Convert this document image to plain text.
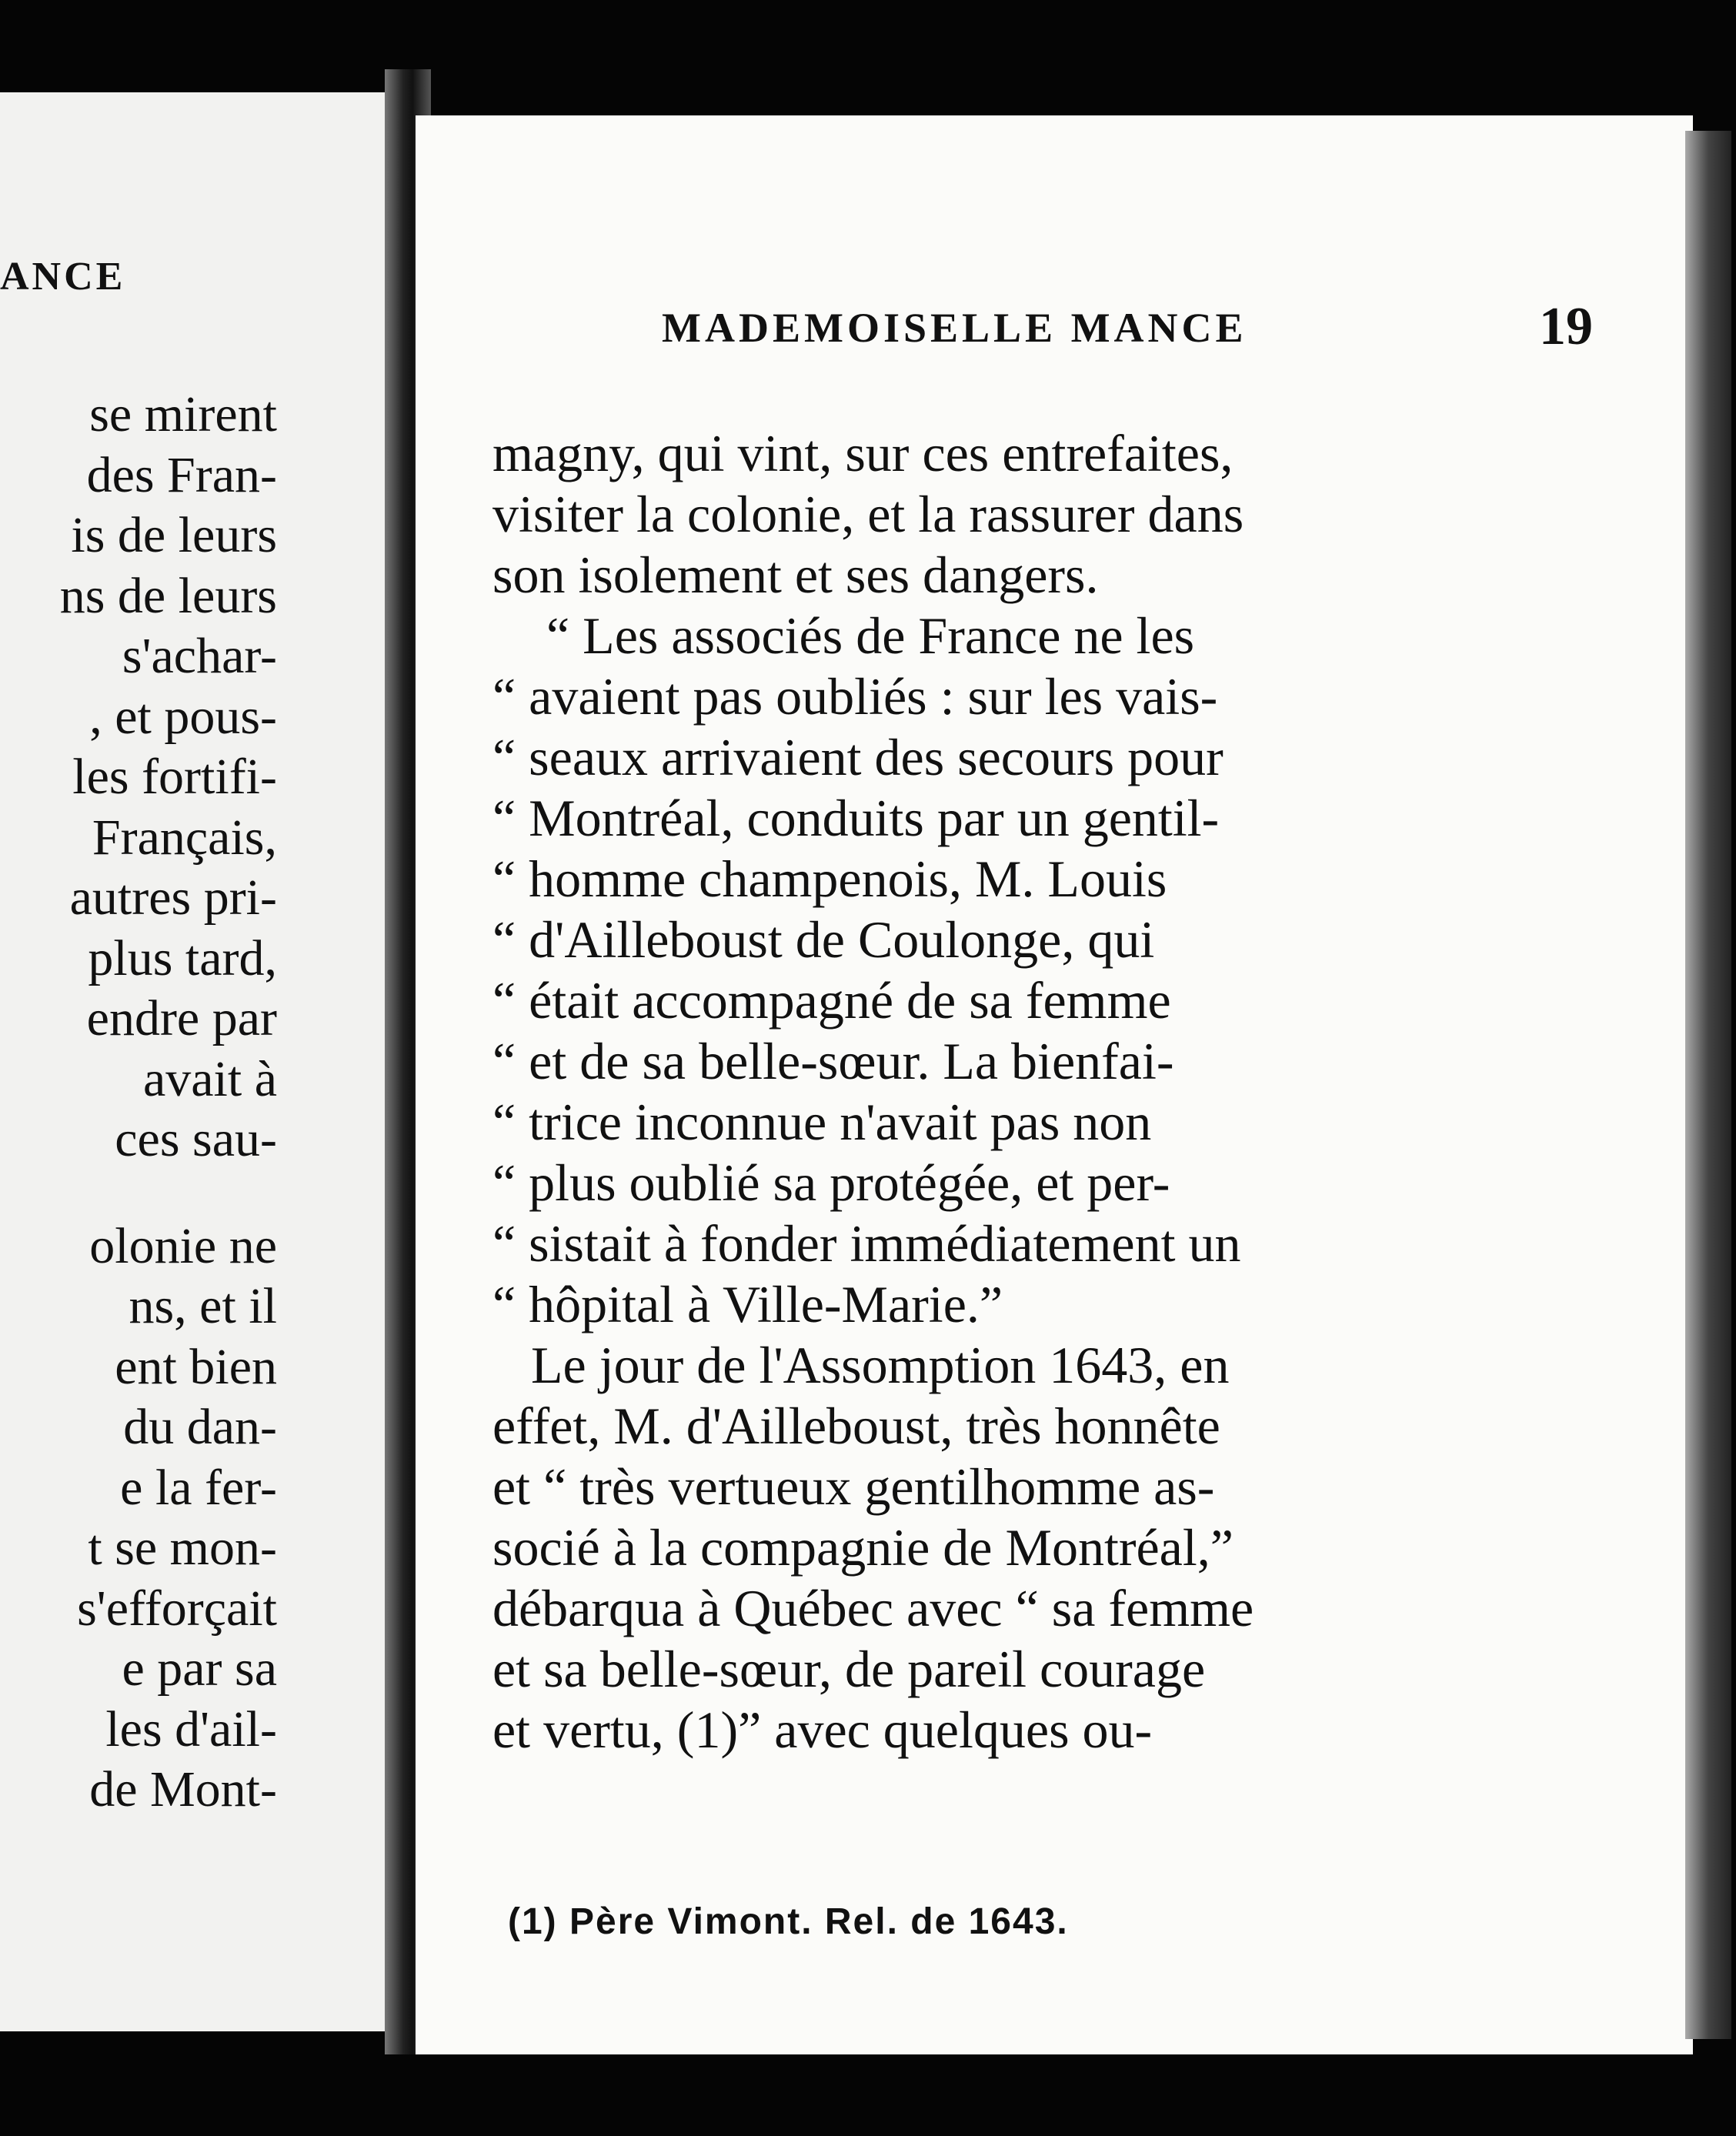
ANCE
se mirent
des Fran-
is de leurs
ns de leurs
s'achar-
, et pous-
les fortifi-
Français,
autres pri-
plus tard,
endre par
avait à
ces sau-
olonie ne
ns, et il
ent bien
du dan-
e la fer-
t se mon-
s'efforçait
e par sa
les d'ail-
de Mont-
MADEMOISELLE MANCE	19
magny, qui vint, sur ces entrefaites,
visiter la colonie, et la rassurer dans
son isolement et ses dangers.
“ Les associés de France ne les
“ avaient pas oubliés : sur les vais-
“ seaux arrivaient des secours pour
“ Montréal, conduits par un gentil-
“ homme champenois, M. Louis
“ d'Ailleboust de Coulonge, qui
“ était accompagné de sa femme
“ et de sa belle-sœur. La bienfai-
“ trice inconnue n'avait pas non
“ plus oublié sa protégée, et per-
“ sistait à fonder immédiatement un
“ hôpital à Ville-Marie.”
Le jour de l'Assomption 1643, en
effet, M. d'Ailleboust, très honnête
et “ très vertueux gentilhomme as-
socié à la compagnie de Montréal,”
débarqua à Québec avec “ sa femme
et sa belle-sœur, de pareil courage
et vertu, (1)” avec quelques ou-
(1) Père Vimont. Rel. de 1643.
